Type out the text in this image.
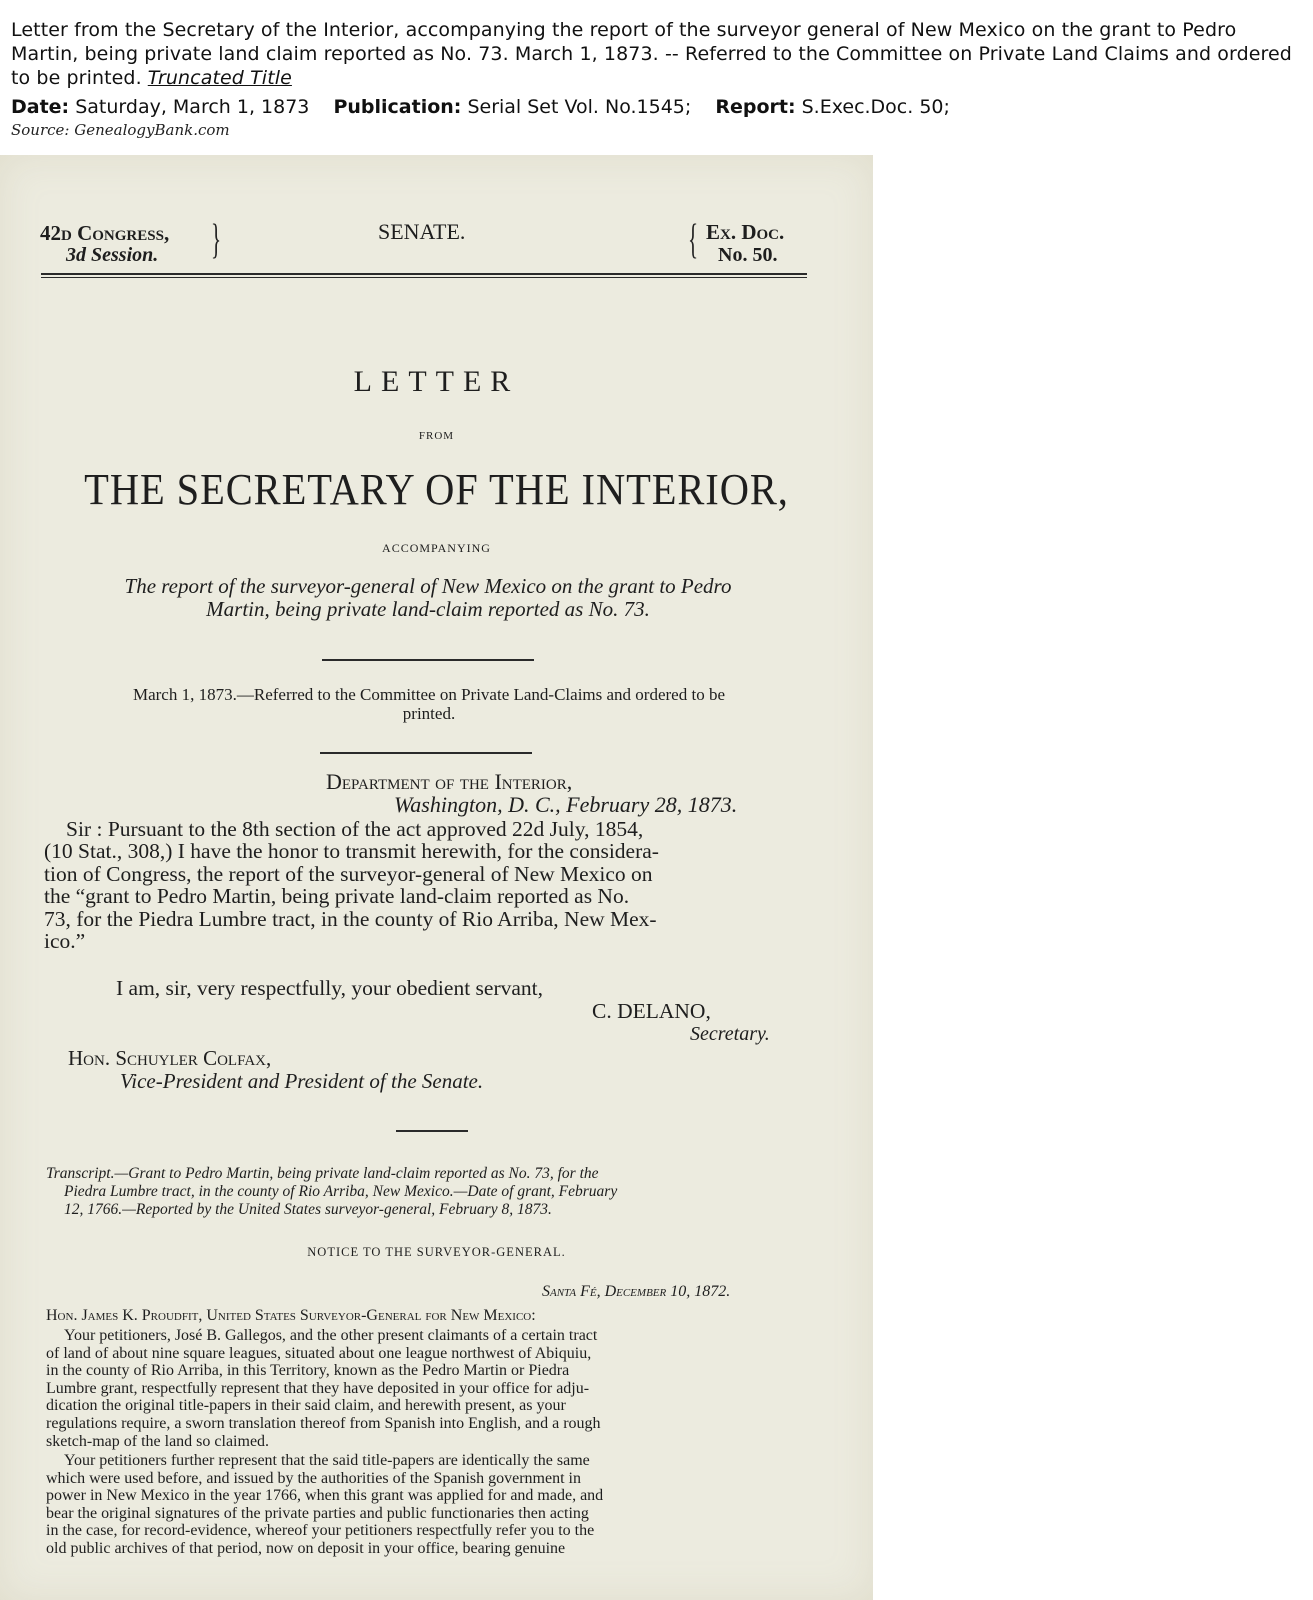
Letter from the Secretary of the Interior, accompanying the report of the surveyor general of New Mexico on the grant to Pedro Martin, being private land claim reported as No. 73. March 1, 1873. -- Referred to the Committee on Private Land Claims and ordered to be printed. Truncated Title
Date: Saturday, March 1, 1873 Publication: Serial Set Vol. No.1545; Report: S.Exec.Doc. 50;
Source: GenealogyBank.com
42d Congress,
3d Session. }	SENATE.	{ Ex. Doc.
No. 50.
LETTER
FROM
THE SECRETARY OF THE INTERIOR,
ACCOMPANYING
The report of the surveyor-general of New Mexico on the grant to Pedro
Martin, being private land-claim reported as No. 73.
March 1, 1873.—Referred to the Committee on Private Land-Claims and ordered to be
printed.
Department of the Interior,
Washington, D. C., February 28, 1873.
Sir : Pursuant to the 8th section of the act approved 22d July, 1854,
(10 Stat., 308,) I have the honor to transmit herewith, for the considera-
tion of Congress, the report of the surveyor-general of New Mexico on
the “grant to Pedro Martin, being private land-claim reported as No.
73, for the Piedra Lumbre tract, in the county of Rio Arriba, New Mex-
ico.”
I am, sir, very respectfully, your obedient servant,
C. DELANO,
Secretary.
Hon. Schuyler Colfax,
Vice-President and President of the Senate.
Transcript.—Grant to Pedro Martin, being private land-claim reported as No. 73, for the
Piedra Lumbre tract, in the county of Rio Arriba, New Mexico.—Date of grant, February
12, 1766.—Reported by the United States surveyor-general, February 8, 1873.
NOTICE TO THE SURVEYOR-GENERAL.
Santa Fé, December 10, 1872.
Hon. James K. Proudfit, United States Surveyor-General for New Mexico:
Your petitioners, José B. Gallegos, and the other present claimants of a certain tract
of land of about nine square leagues, situated about one league northwest of Abiquiu,
in the county of Rio Arriba, in this Territory, known as the Pedro Martin or Piedra
Lumbre grant, respectfully represent that they have deposited in your office for adju-
dication the original title-papers in their said claim, and herewith present, as your
regulations require, a sworn translation thereof from Spanish into English, and a rough
sketch-map of the land so claimed.
Your petitioners further represent that the said title-papers are identically the same
which were used before, and issued by the authorities of the Spanish government in
power in New Mexico in the year 1766, when this grant was applied for and made, and
bear the original signatures of the private parties and public functionaries then acting
in the case, for record-evidence, whereof your petitioners respectfully refer you to the
old public archives of that period, now on deposit in your office, bearing genuine
